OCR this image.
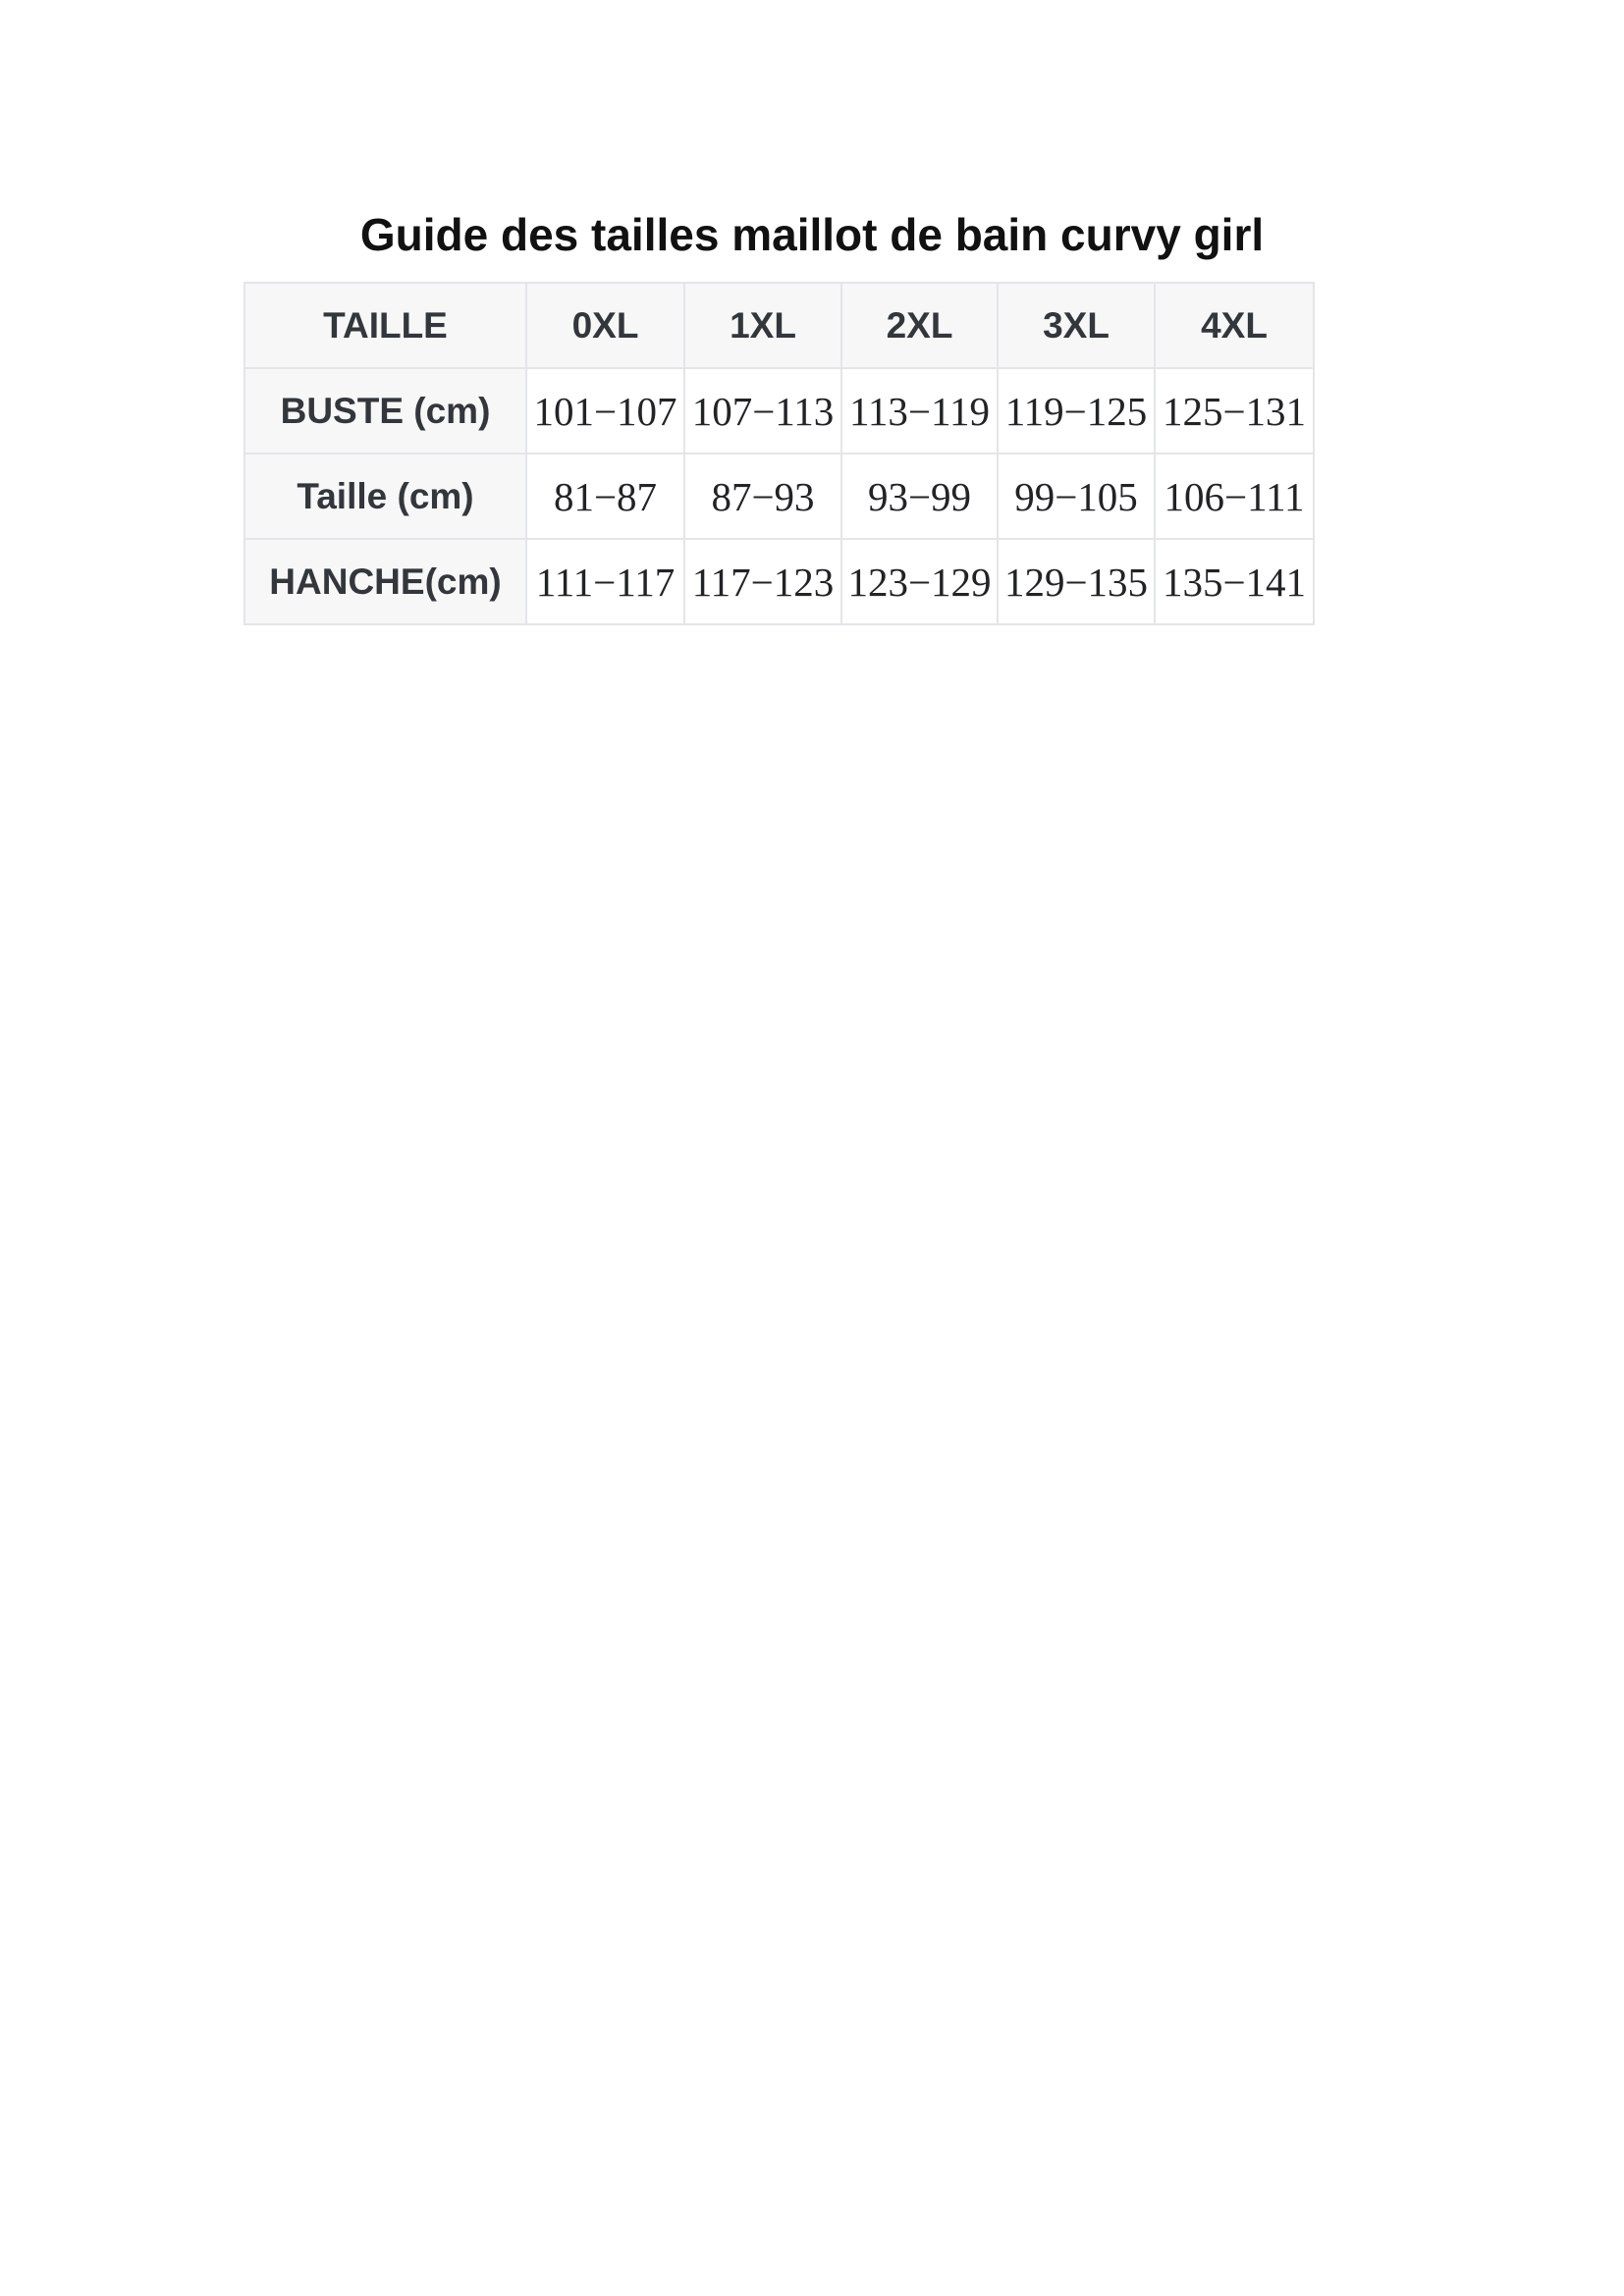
Guide des tailles maillot de bain curvy girl
TAILLE	0XL	1XL	2XL	3XL	4XL
BUSTE (cm)	101−107	107−113	113−119	119−125	125−131
Taille (cm)	81−87	87−93	93−99	99−105	106−111
HANCHE(cm)	111−117	117−123	123−129	129−135	135−141
